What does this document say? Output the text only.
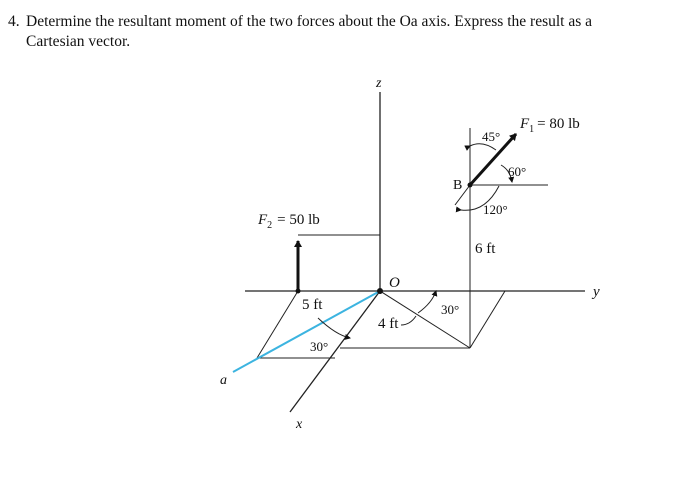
4. Determine the resultant moment of the two forces about the Oa axis. Express the result as a Cartesian vector.
z
y
x
a
O
B
$F_1 = 80$ lb
$F_2 = 50$ lb
45°
60°
120°
30°
30°
5 ft
4 ft
6 ft
